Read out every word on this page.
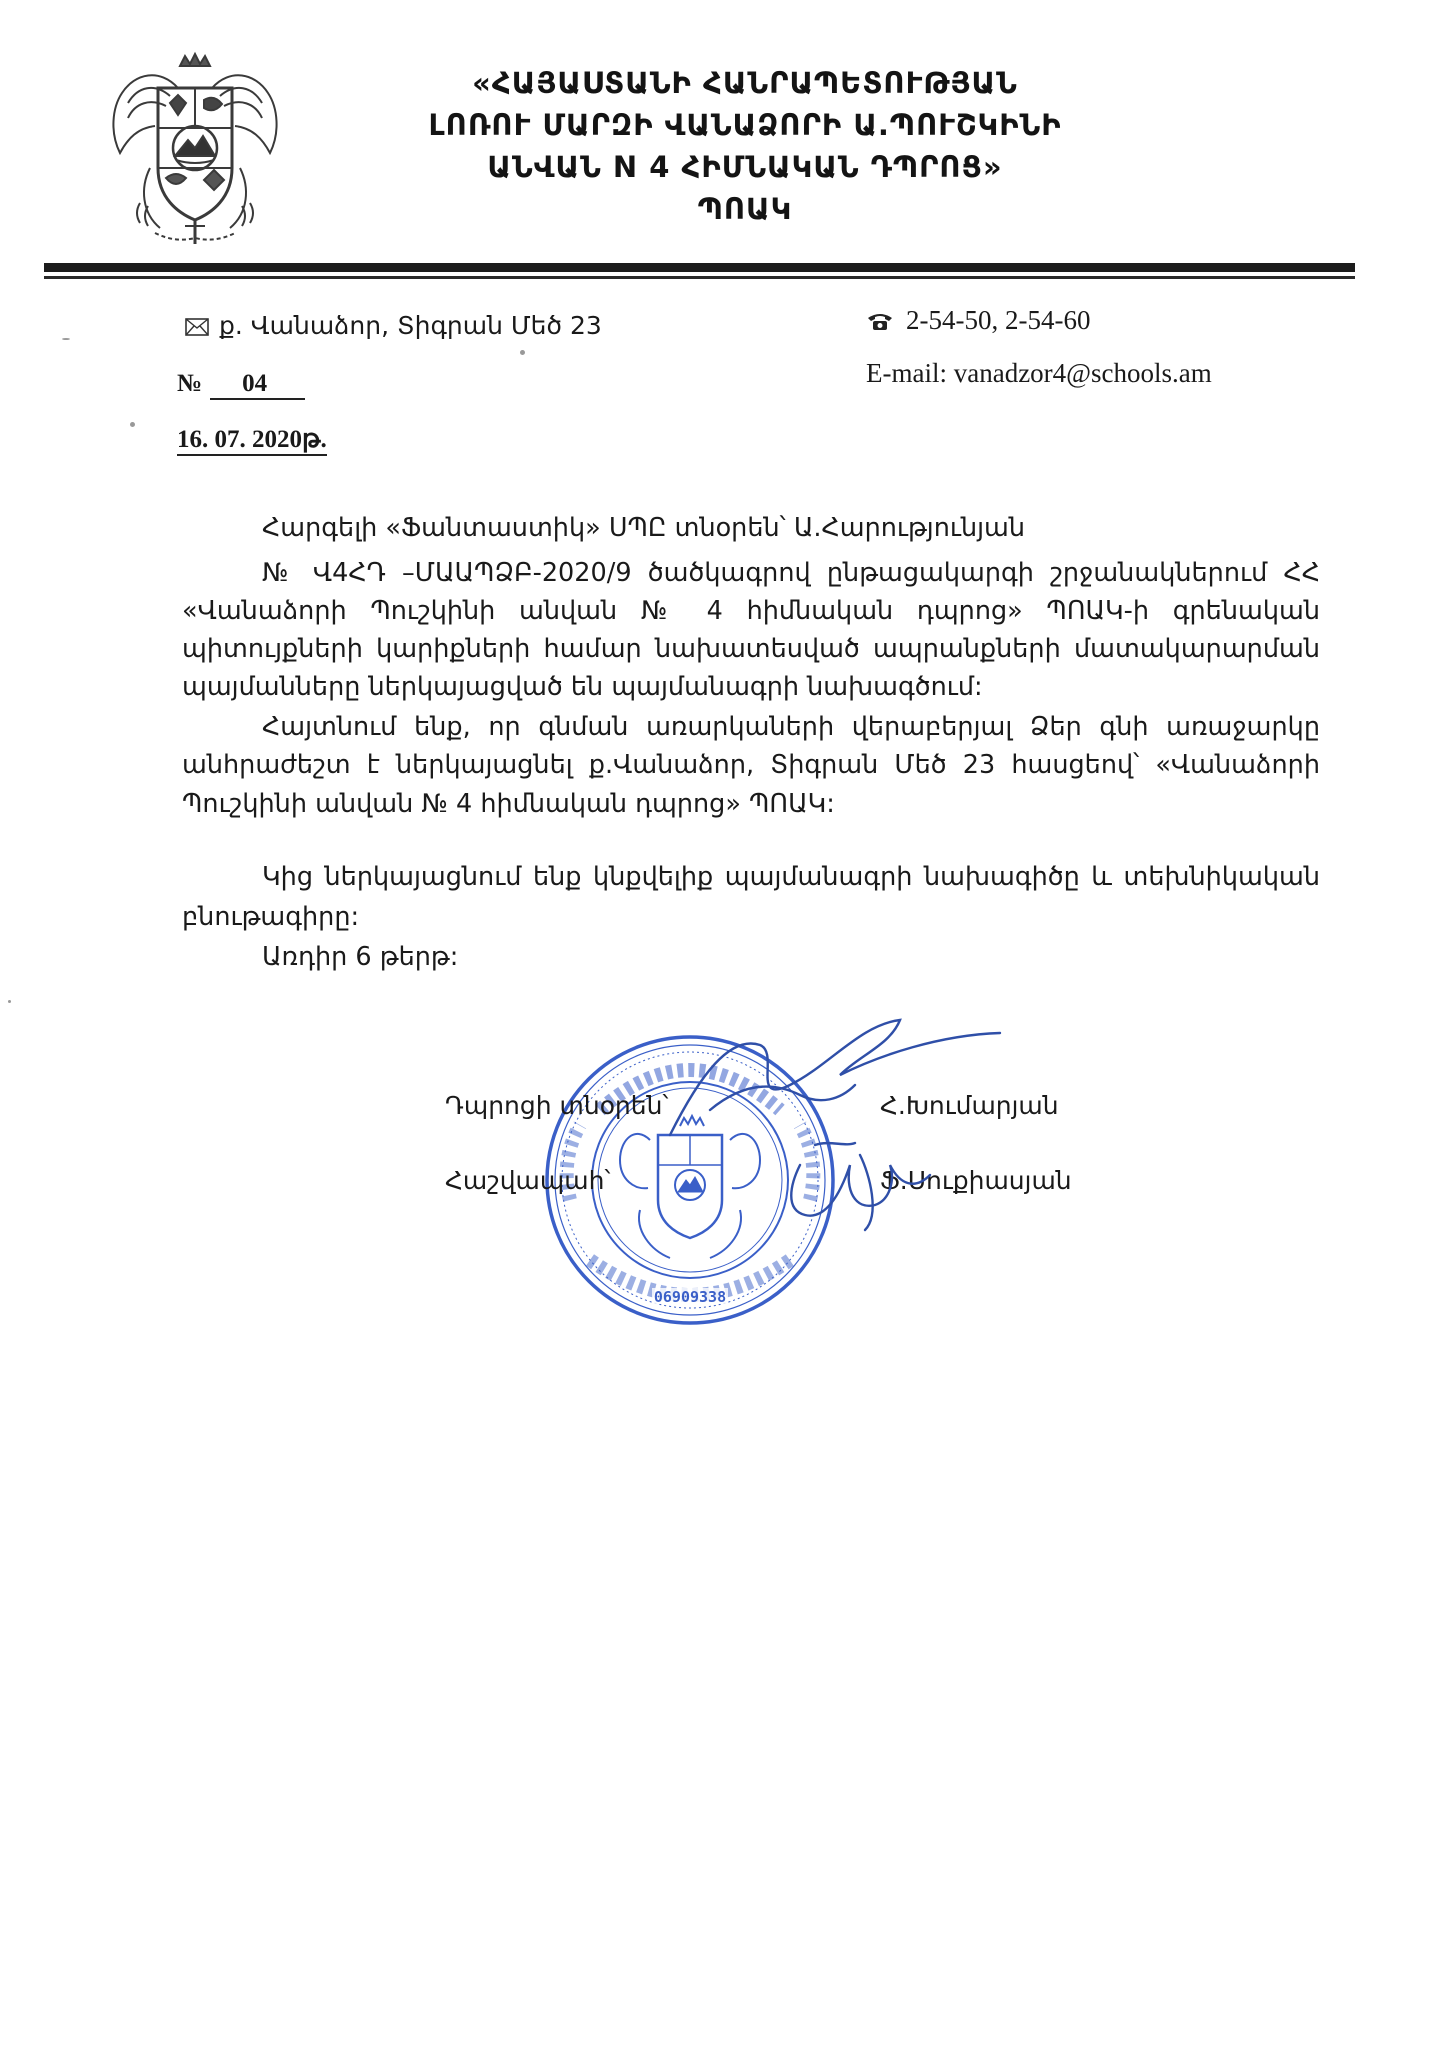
«ՀԱՅԱՍՏԱՆԻ ՀԱՆՐԱՊԵՏՈՒԹՅԱՆ
ԼՈՌՈՒ ՄԱՐԶԻ ՎԱՆԱՁՈՐԻ Ա.ՊՈՒՇԿԻՆԻ
ԱՆՎԱՆ N 4 ՀԻՄՆԱԿԱՆ ԴՊՐՈՑ»
ՊՈԱԿ
ք. Վանաձոր, Տիգրան Մեծ 23	2-54-50, 2-54-60
E-mail: vanadzor4@schools.am
№ 04
16. 07. 2020թ.
Հարգելի «Ֆանտաստիկ» ՍՊԸ տնօրեն՝ Ա.Հարությունյան
№ Վ4ՀԴ –ՄԱԱՊՁԲ-2020/9 ծածկագրով ընթացակարգի շրջանակներում ՀՀ
«Վանաձորի Պուշկինի անվան № 4 հիմնական դպրոց» ՊՈԱԿ-ի գրենական
պիտույքների կարիքների համար նախատեսված ապրանքների մատակարարման
պայմանները ներկայացված են պայմանագրի նախագծում:
Հայտնում ենք, որ գնման առարկաների վերաբերյալ Ձեր գնի առաջարկը
անհրաժեշտ է ներկայացնել ք.Վանաձոր, Տիգրան Մեծ 23 հասցեով՝ «Վանաձորի
Պուշկինի անվան № 4 հիմնական դպրոց» ՊՈԱԿ:
Կից ներկայացնում ենք կնքվելիք պայմանագրի նախագիծը և տեխնիկական
բնութագիրը:
Առդիր 6 թերթ:
06909338
Դպրոցի տնօրեն՝	Հ.Խումարյան
Հաշվապահ՝	Ֆ.Սուքիասյան
